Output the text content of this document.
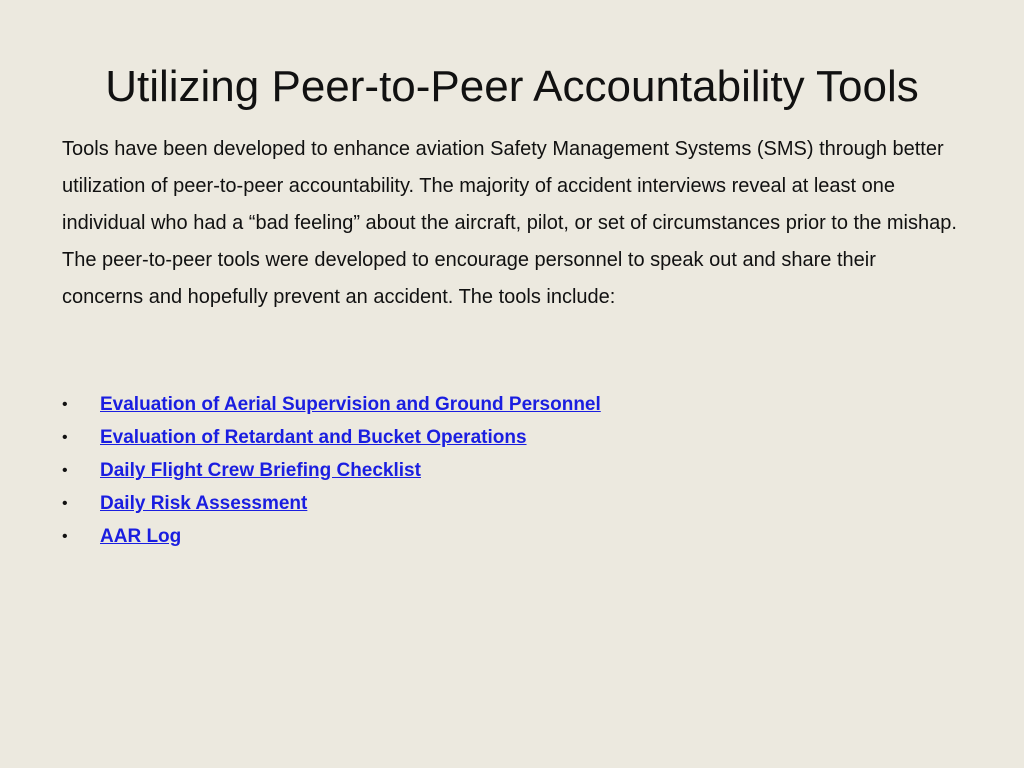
Utilizing Peer-to-Peer Accountability Tools

Tools have been developed to enhance aviation Safety Management Systems (SMS) through better utilization of peer-to-peer accountability. The majority of accident interviews reveal at least one individual who had a “bad feeling” about the aircraft, pilot, or set of circumstances prior to the mishap. The peer-to-peer tools were developed to encourage personnel to speak out and share their concerns and hopefully prevent an accident. The tools include:

• Evaluation of Aerial Supervision and Ground Personnel
• Evaluation of Retardant and Bucket Operations
• Daily Flight Crew Briefing Checklist
• Daily Risk Assessment
• AAR Log
